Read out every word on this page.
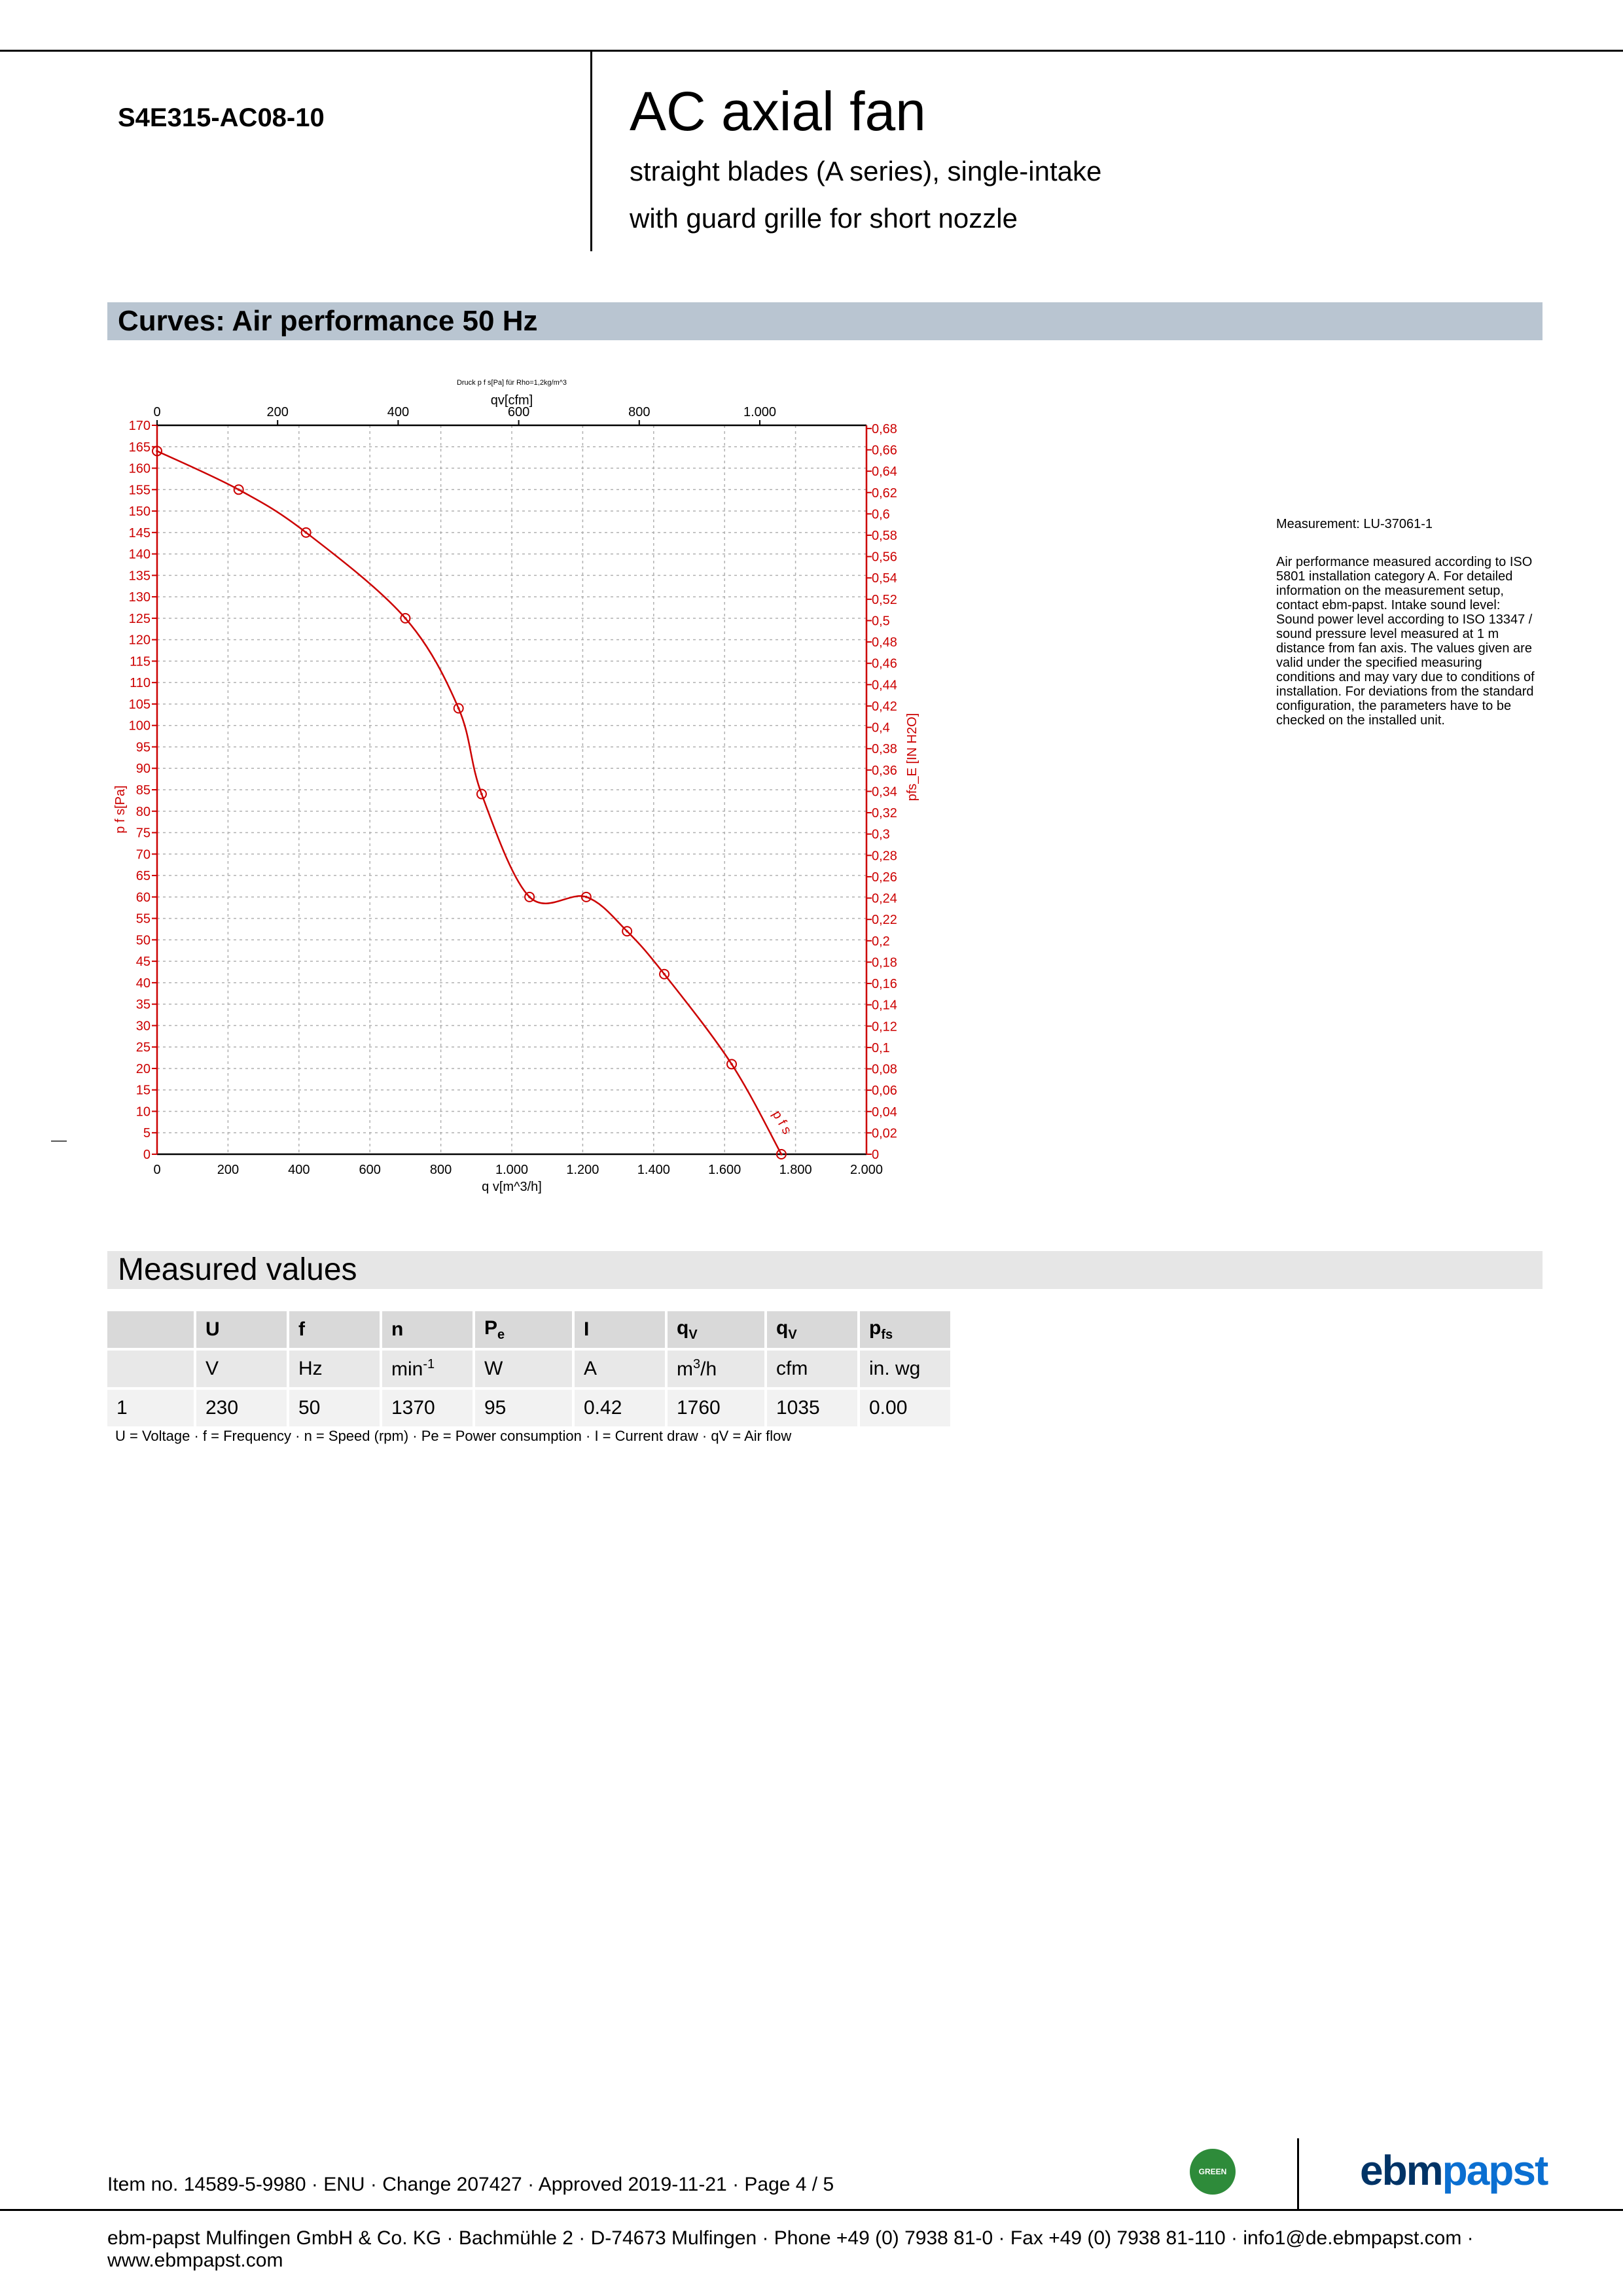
S4E315-AC08-10	AC axial fan
straight blades (A series), single-intake
with guard grille for short nozzle
Curves: Air performance 50 Hz
0	200	400	600	800	1.000	1.200	1.400	1.600	1.800	2.000
0
5
10
15
20
25
30
35
40
45
50
55
60
65
70
75
80
85
90
95
100
105
110
115
120
125
130
135
140
145
150
155
160
165
170
0
0,02
0,04
0,06
0,08
0,1
0,12
0,14
0,16
0,18
0,2
0,22
0,24
0,26
0,28
0,3
0,32
0,34
0,36
0,38
0,4
0,42
0,44
0,46
0,48
0,5
0,52
0,54
0,56
0,58
0,6
0,62
0,64
0,66
0,68
0	200	400	600	800	1.000
Druck p f s[Pa] für Rho=1,2kg/m^3
qv[cfm]
q v[m^3/h]
p f s[Pa]
pfs_E [IN H2O]
p f s
Measurement: LU-37061-1
Air performance measured according to ISO
5801 installation category A. For detailed
information on the measurement setup,
contact ebm-papst. Intake sound level:
Sound power level according to ISO 13347 /
sound pressure level measured at 1 m
distance from fan axis. The values given are
valid under the specified measuring
conditions and may vary due to conditions of
installation. For deviations from the standard
configuration, the parameters have to be
checked on the installed unit.
Measured values
	U	f	n	$P_e$	I	$q_V$	$q_V$	$p_{fs}$
	V	Hz	$\min^{-1}$	W	A	$m^3/h$	cfm	in. wg
1	230	50	1370	95	0.42	1760	1035	0.00
U = Voltage · f = Frequency · n = Speed (rpm) · Pe = Power consumption · I = Current draw · qV = Air flow
Item no. 14589-5-9980 · ENU · Change 207427 · Approved 2019-11-21 · Page 4 / 5
GREEN TECH
ebmpapst
ebm-papst Mulfingen GmbH & Co. KG · Bachmühle 2 · D-74673 Mulfingen · Phone +49 (0) 7938 81-0 · Fax +49 (0) 7938 81-110 · info1@de.ebmpapst.com · www.ebmpapst.com
